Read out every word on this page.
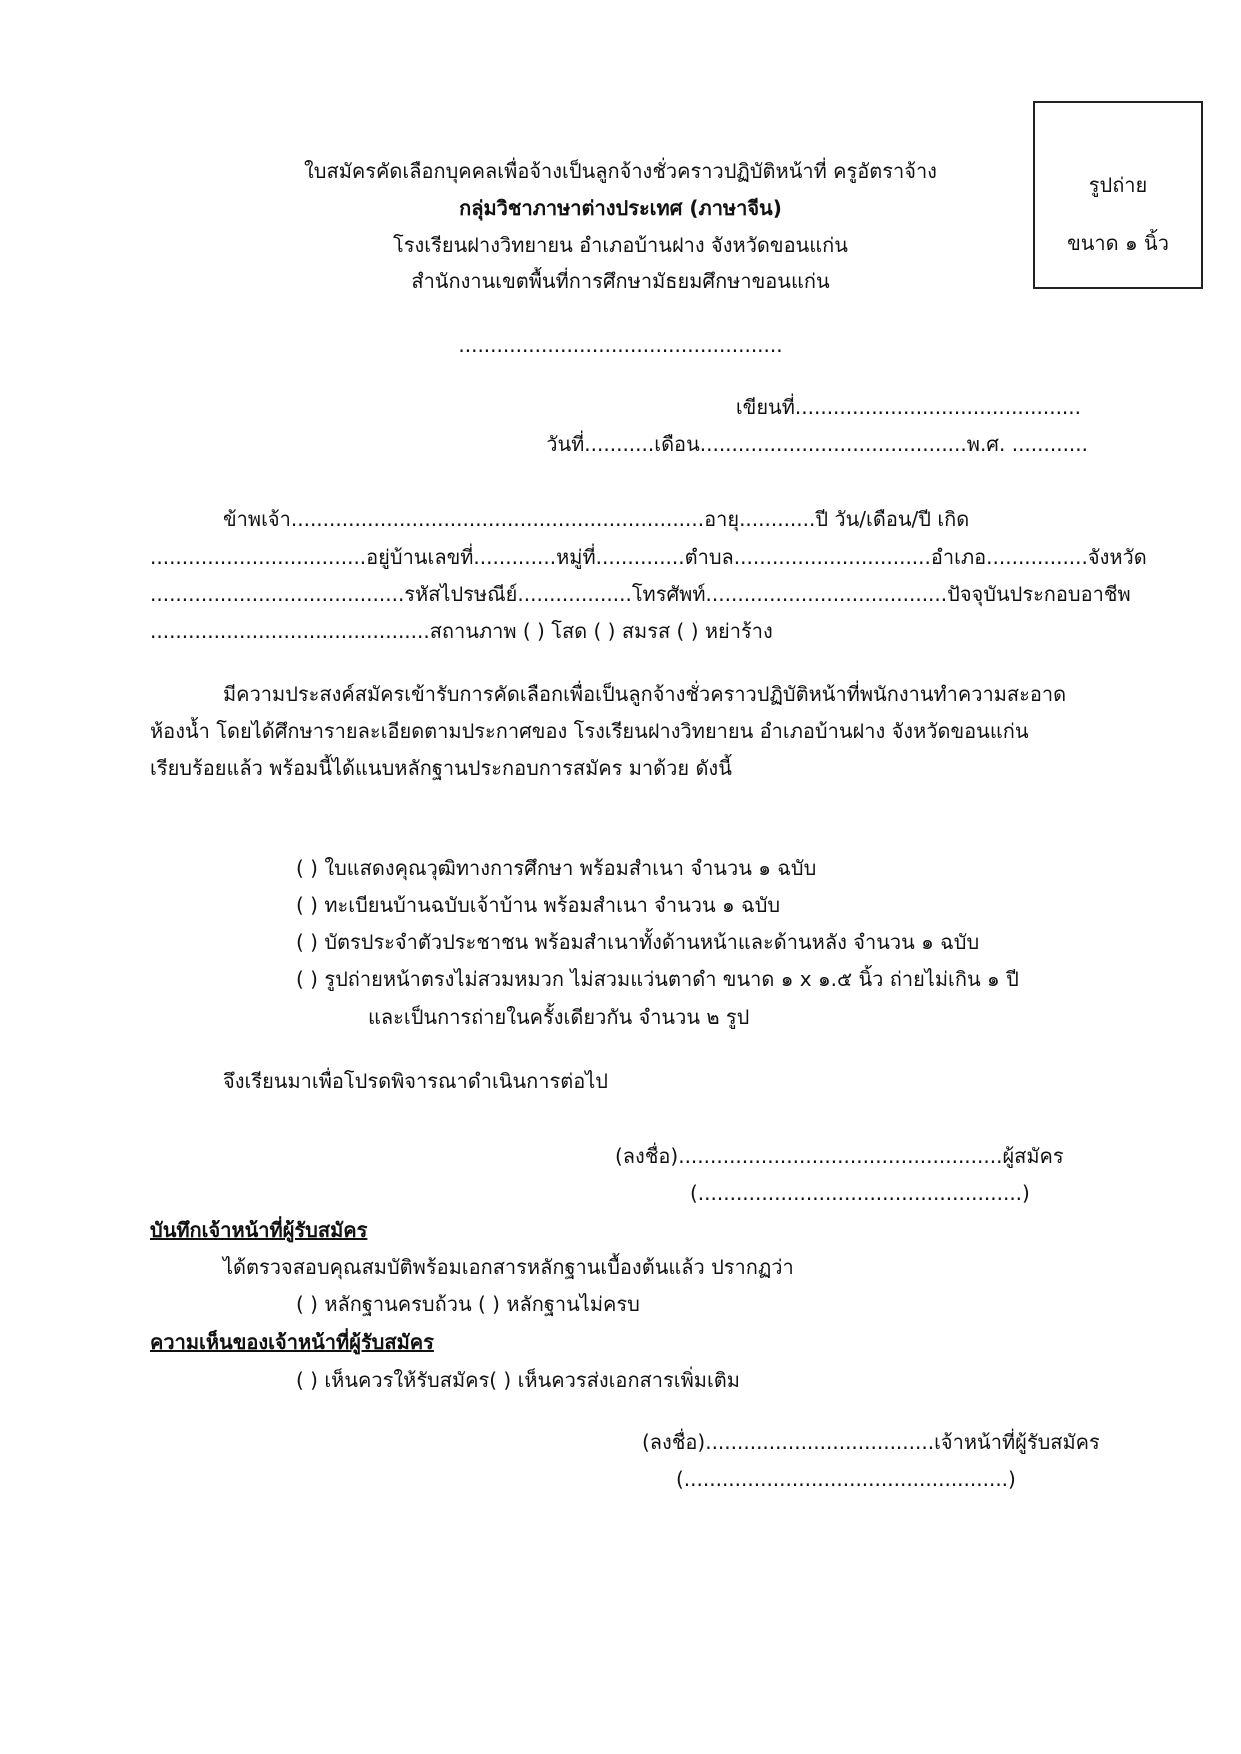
รูปถ่าย
ขนาด ๑ นิ้ว
ใบสมัครคัดเลือกบุคคลเพื่อจ้างเป็นลูกจ้างชั่วคราวปฏิบัติหน้าที่ ครูอัตราจ้าง
กลุ่มวิชาภาษาต่างประเทศ (ภาษาจีน)
โรงเรียนฝางวิทยายน อำเภอบ้านฝาง จังหวัดขอนแก่น
สำนักงานเขตพื้นที่การศึกษามัธยมศึกษาขอนแก่น
...................................................
เขียนที่.............................................
วันที่...........เดือน..........................................พ.ศ. ............
ข้าพเจ้า.................................................................อายุ............ปี วัน/เดือน/ปี เกิด
..................................อยู่บ้านเลขที่.............หมู่ที่..............ตำบล...............................อำเภอ................จังหวัด
........................................รหัสไปรษณีย์..................โทรศัพท์......................................ปัจจุบันประกอบอาชีพ
............................................สถานภาพ ( ) โสด ( ) สมรส ( ) หย่าร้าง
มีความประสงค์สมัครเข้ารับการคัดเลือกเพื่อเป็นลูกจ้างชั่วคราวปฏิบัติหน้าที่พนักงานทำความสะอาด
ห้องน้ำ โดยได้ศึกษารายละเอียดตามประกาศของ โรงเรียนฝางวิทยายน อำเภอบ้านฝาง จังหวัดขอนแก่น
เรียบร้อยแล้ว พร้อมนี้ได้แนบหลักฐานประกอบการสมัคร มาด้วย ดังนี้
( ) ใบแสดงคุณวุฒิทางการศึกษา พร้อมสำเนา จำนวน ๑ ฉบับ
( ) ทะเบียนบ้านฉบับเจ้าบ้าน พร้อมสำเนา จำนวน ๑ ฉบับ
( ) บัตรประจำตัวประชาชน พร้อมสำเนาทั้งด้านหน้าและด้านหลัง จำนวน ๑ ฉบับ
( ) รูปถ่ายหน้าตรงไม่สวมหมวก ไม่สวมแว่นตาดำ ขนาด ๑ x ๑.๕ นิ้ว ถ่ายไม่เกิน ๑ ปี
และเป็นการถ่ายในครั้งเดียวกัน จำนวน ๒ รูป
จึงเรียนมาเพื่อโปรดพิจารณาดำเนินการต่อไป
(ลงชื่อ)...................................................ผู้สมัคร
(...................................................)
บันทึกเจ้าหน้าที่ผู้รับสมัคร
ได้ตรวจสอบคุณสมบัติพร้อมเอกสารหลักฐานเบื้องต้นแล้ว ปรากฏว่า
( ) หลักฐานครบถ้วน ( ) หลักฐานไม่ครบ
ความเห็นของเจ้าหน้าที่ผู้รับสมัคร
( ) เห็นควรให้รับสมัคร( ) เห็นควรส่งเอกสารเพิ่มเติม
(ลงชื่อ)....................................เจ้าหน้าที่ผู้รับสมัคร
(...................................................)
